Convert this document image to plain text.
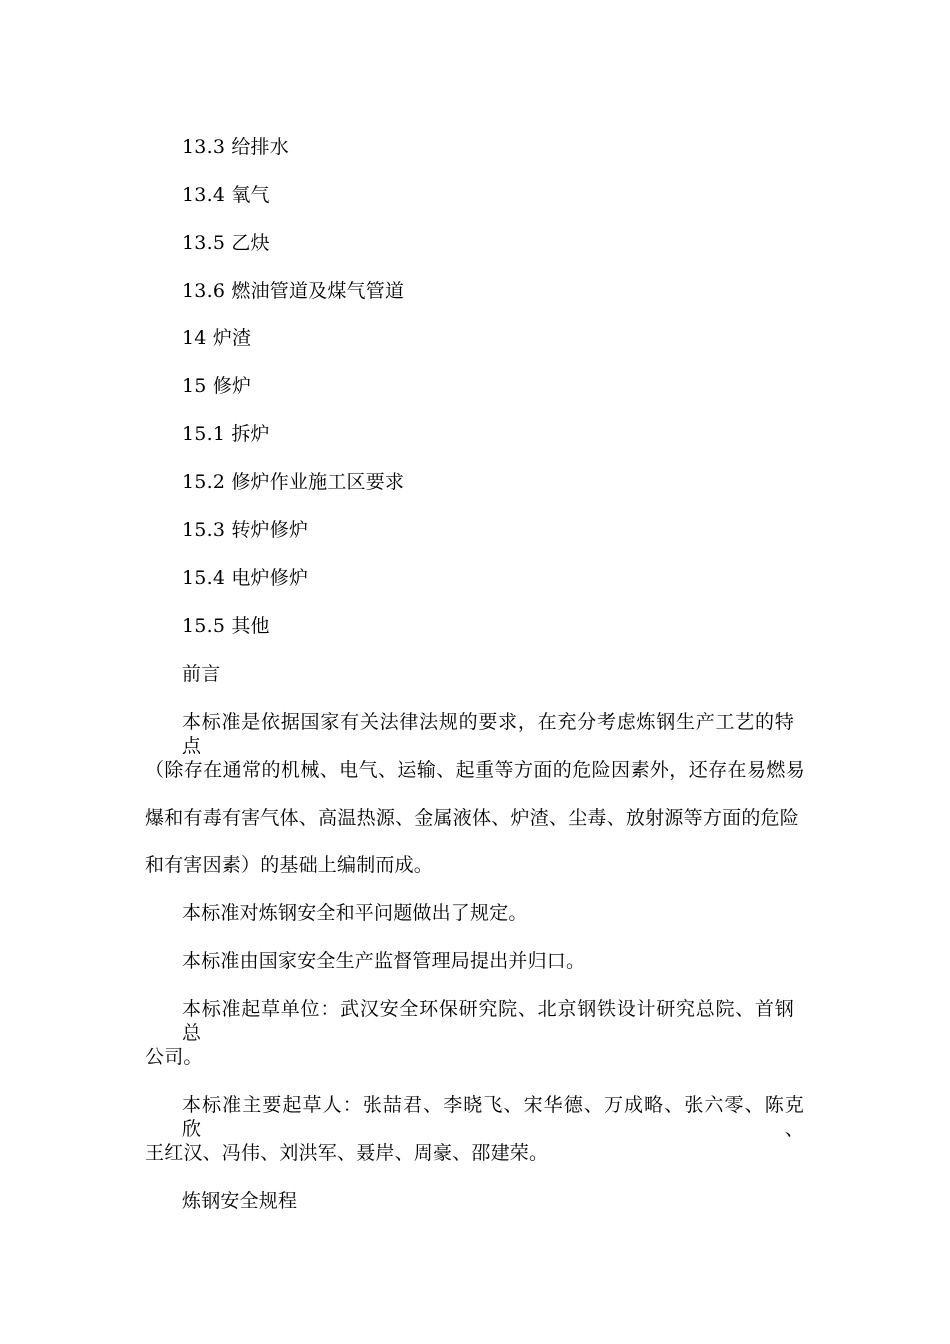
13.3 给排水
13.4 氧气
13.5 乙炔
13.6 燃油管道及煤气管道
14 炉渣
15 修炉
15.1 拆炉
15.2 修炉作业施工区要求
15.3 转炉修炉
15.4 电炉修炉
15.5 其他
前言
本标准是依据国家有关法律法规的要求，在充分考虑炼钢生产工艺的特点
（除存在通常的机械、电气、运输、起重等方面的危险因素外，还存在易燃易
爆和有毒有害气体、高温热源、金属液体、炉渣、尘毒、放射源等方面的危险
和有害因素）的基础上编制而成。
本标准对炼钢安全和平问题做出了规定。
本标准由国家安全生产监督管理局提出并归口。
本标准起草单位：武汉安全环保研究院、北京钢铁设计研究总院、首钢总
公司。
本标准主要起草人：张喆君、李晓飞、宋华德、万成略、张六零、陈克欣、
王红汉、冯伟、刘洪军、聂岸、周豪、邵建荣。
炼钢安全规程
